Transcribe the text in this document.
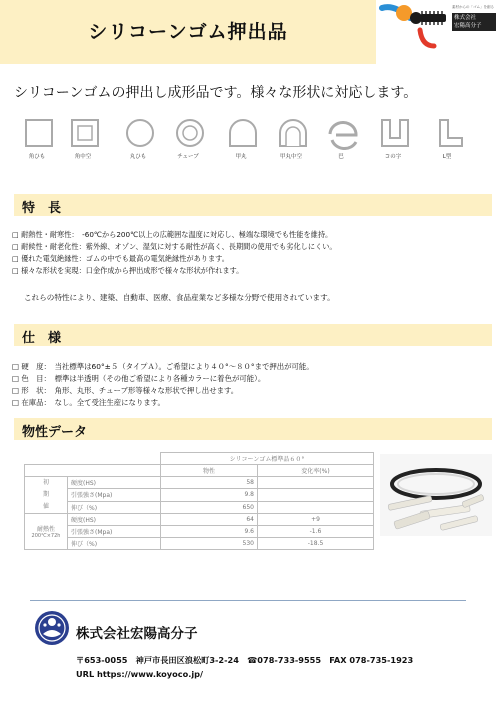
シリコーンゴム押出品
素材からの「ゴム」を創る
株式会社
宏陽高分子
シリコーンゴムの押出し成形品です。様々な形状に対応します。
角ひも	角中空	丸ひも	チューブ	甲丸	甲丸中空	巴	コの字	L型
特　長
□ 耐熱性・耐寒性：　-60℃から200℃以上の広範囲な温度に対応し、極端な環境でも性能を維持。
□ 耐候性・耐老化性：紫外線、オゾン、湿気に対する耐性が高く、長期間の使用でも劣化しにくい。
□ 優れた電気絶縁性：ゴムの中でも最高の電気絶縁性があります。
□ 様々な形状を実現：口金作成から押出成形で様々な形状が作れます。
これらの特性により、建築、自動車、医療、食品産業など多様な分野で使用されています。
仕　様
□ 硬　度：　当社標準は60°±５（タイプＡ）。ご希望により４０°～８０°まで押出が可能。
□ 色　目：　標準は半透明（その他ご希望により各種カラーに着色が可能）。
□ 形　状：　角形、丸形、チューブ形等様々な形状で押し出せます。
□ 在庫品：　なし。全て受注生産になります。
物性データ
		シリコーンゴム標準品６０°	
		物性	変化率(%)

初
期
値	硬度(HS)	58	
	引張強さ(Mpa)	9.8	
	伸び（%)	650	

耐熱性
200℃×72h	硬度(HS)	64	+9
	引張強さ(Mpa)	9.6	-1.6
	伸び（%)	530	-18.5
株式会社宏陽高分子
〒653-0055　神戸市長田区浪松町3-2-24　☎078-733-9555　FAX 078-735-1923
URL https://www.koyoco.jp/
